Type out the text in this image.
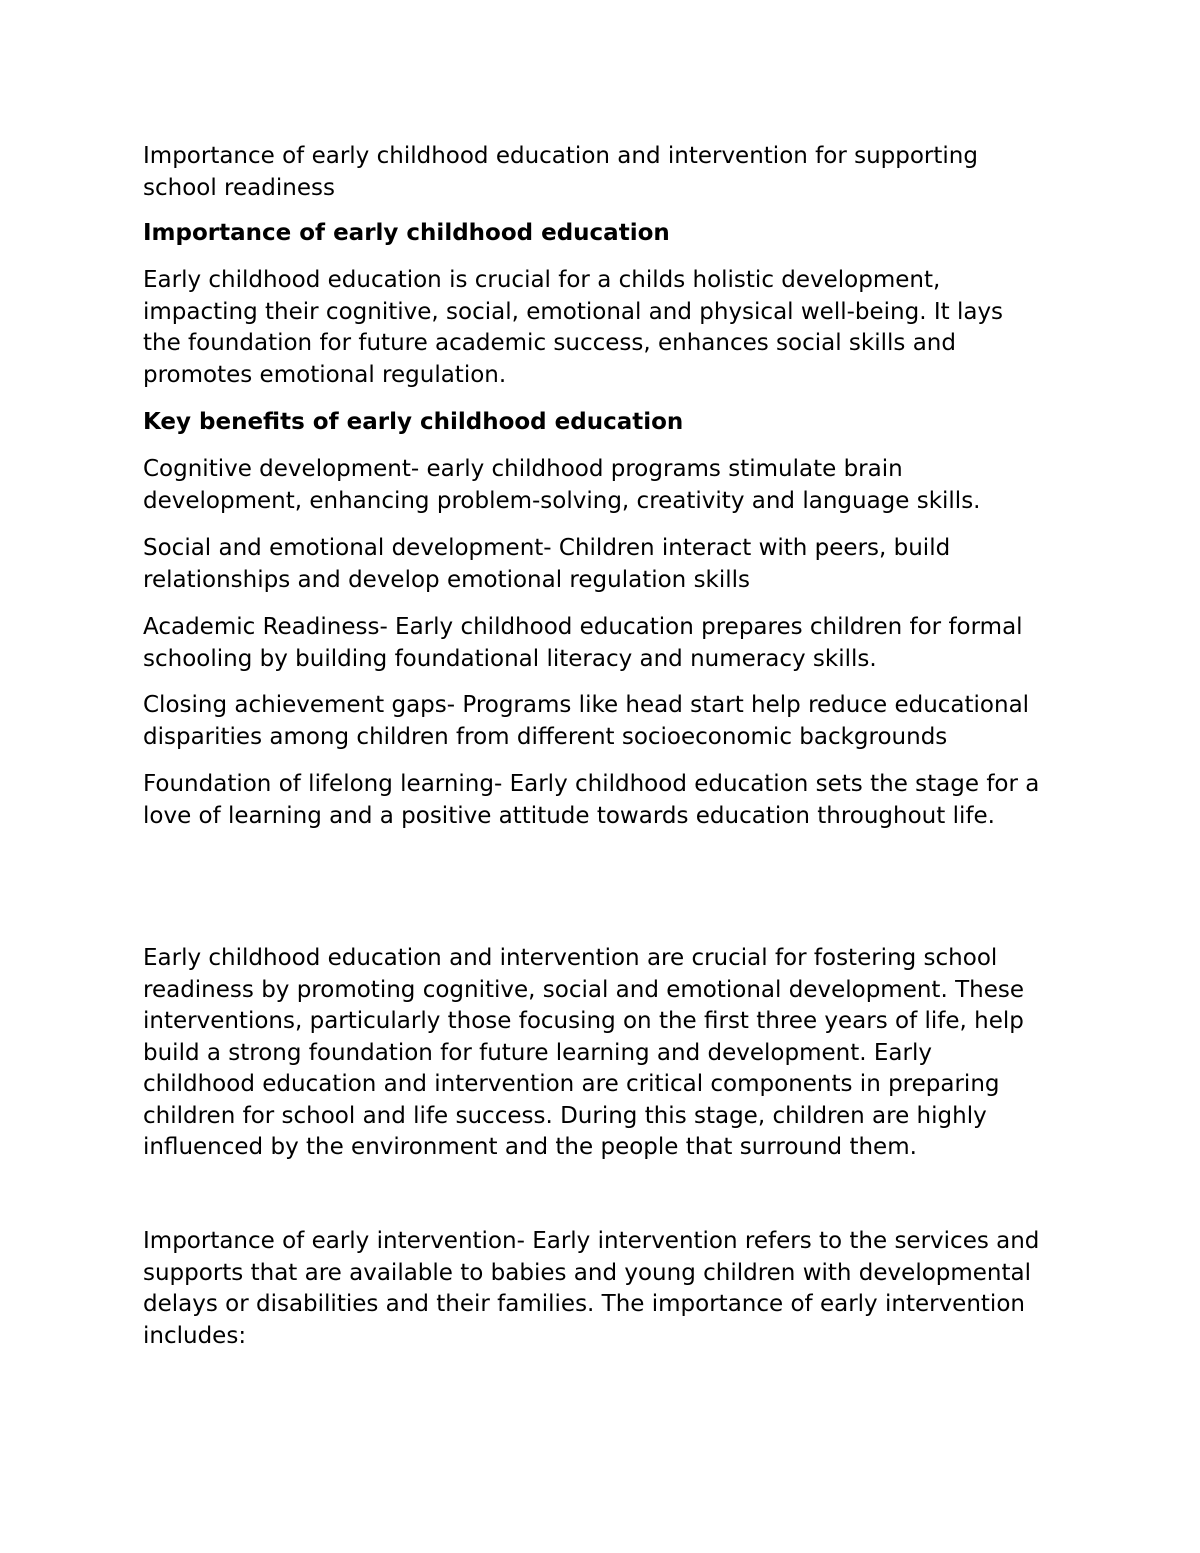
Importance of early childhood education and intervention for supporting
school readiness

Importance of early childhood education

Early childhood education is crucial for a childs holistic development,
impacting their cognitive, social, emotional and physical well-being. It lays
the foundation for future academic success, enhances social skills and
promotes emotional regulation.

Key benefits of early childhood education

Cognitive development- early childhood programs stimulate brain
development, enhancing problem-solving, creativity and language skills.

Social and emotional development- Children interact with peers, build
relationships and develop emotional regulation skills

Academic Readiness- Early childhood education prepares children for formal
schooling by building foundational literacy and numeracy skills.

Closing achievement gaps- Programs like head start help reduce educational
disparities among children from different socioeconomic backgrounds

Foundation of lifelong learning- Early childhood education sets the stage for a
love of learning and a positive attitude towards education throughout life.

Early childhood education and intervention are crucial for fostering school
readiness by promoting cognitive, social and emotional development. These
interventions, particularly those focusing on the first three years of life, help
build a strong foundation for future learning and development. Early
childhood education and intervention are critical components in preparing
children for school and life success. During this stage, children are highly
influenced by the environment and the people that surround them.

Importance of early intervention- Early intervention refers to the services and
supports that are available to babies and young children with developmental
delays or disabilities and their families. The importance of early intervention
includes:
